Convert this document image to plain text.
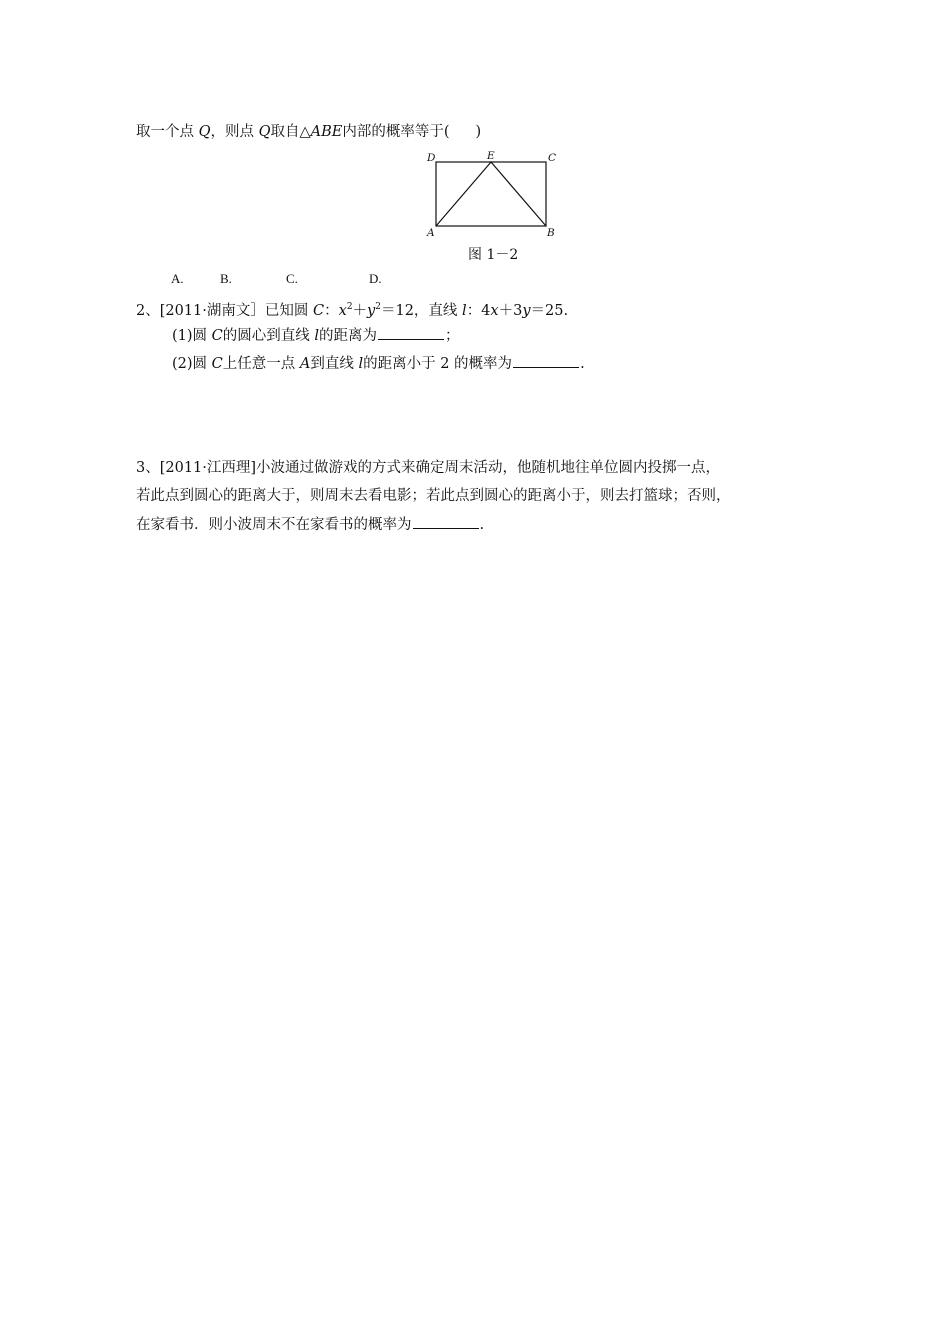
取一个点 Q，则点 Q取自△ABE内部的概率等于( )
D	E	C
A	B
图 1－2
A.	B.	C.	D.
2、[2011·湖南文］已知圆 C：$x^2+y^2=12$，直线 l：4x＋3y＝25.
(1)圆 C的圆心到直线 l的距离为	；
(2)圆 C上任意一点 A到直线 l的距离小于 2 的概率为	.
3、[2011·江西理]小波通过做游戏的方式来确定周末活动，他随机地往单位圆内投掷一点，
若此点到圆心的距离大于，则周末去看电影；若此点到圆心的距离小于，则去打篮球；否则，
在家看书．则小波周末不在家看书的概率为	.
